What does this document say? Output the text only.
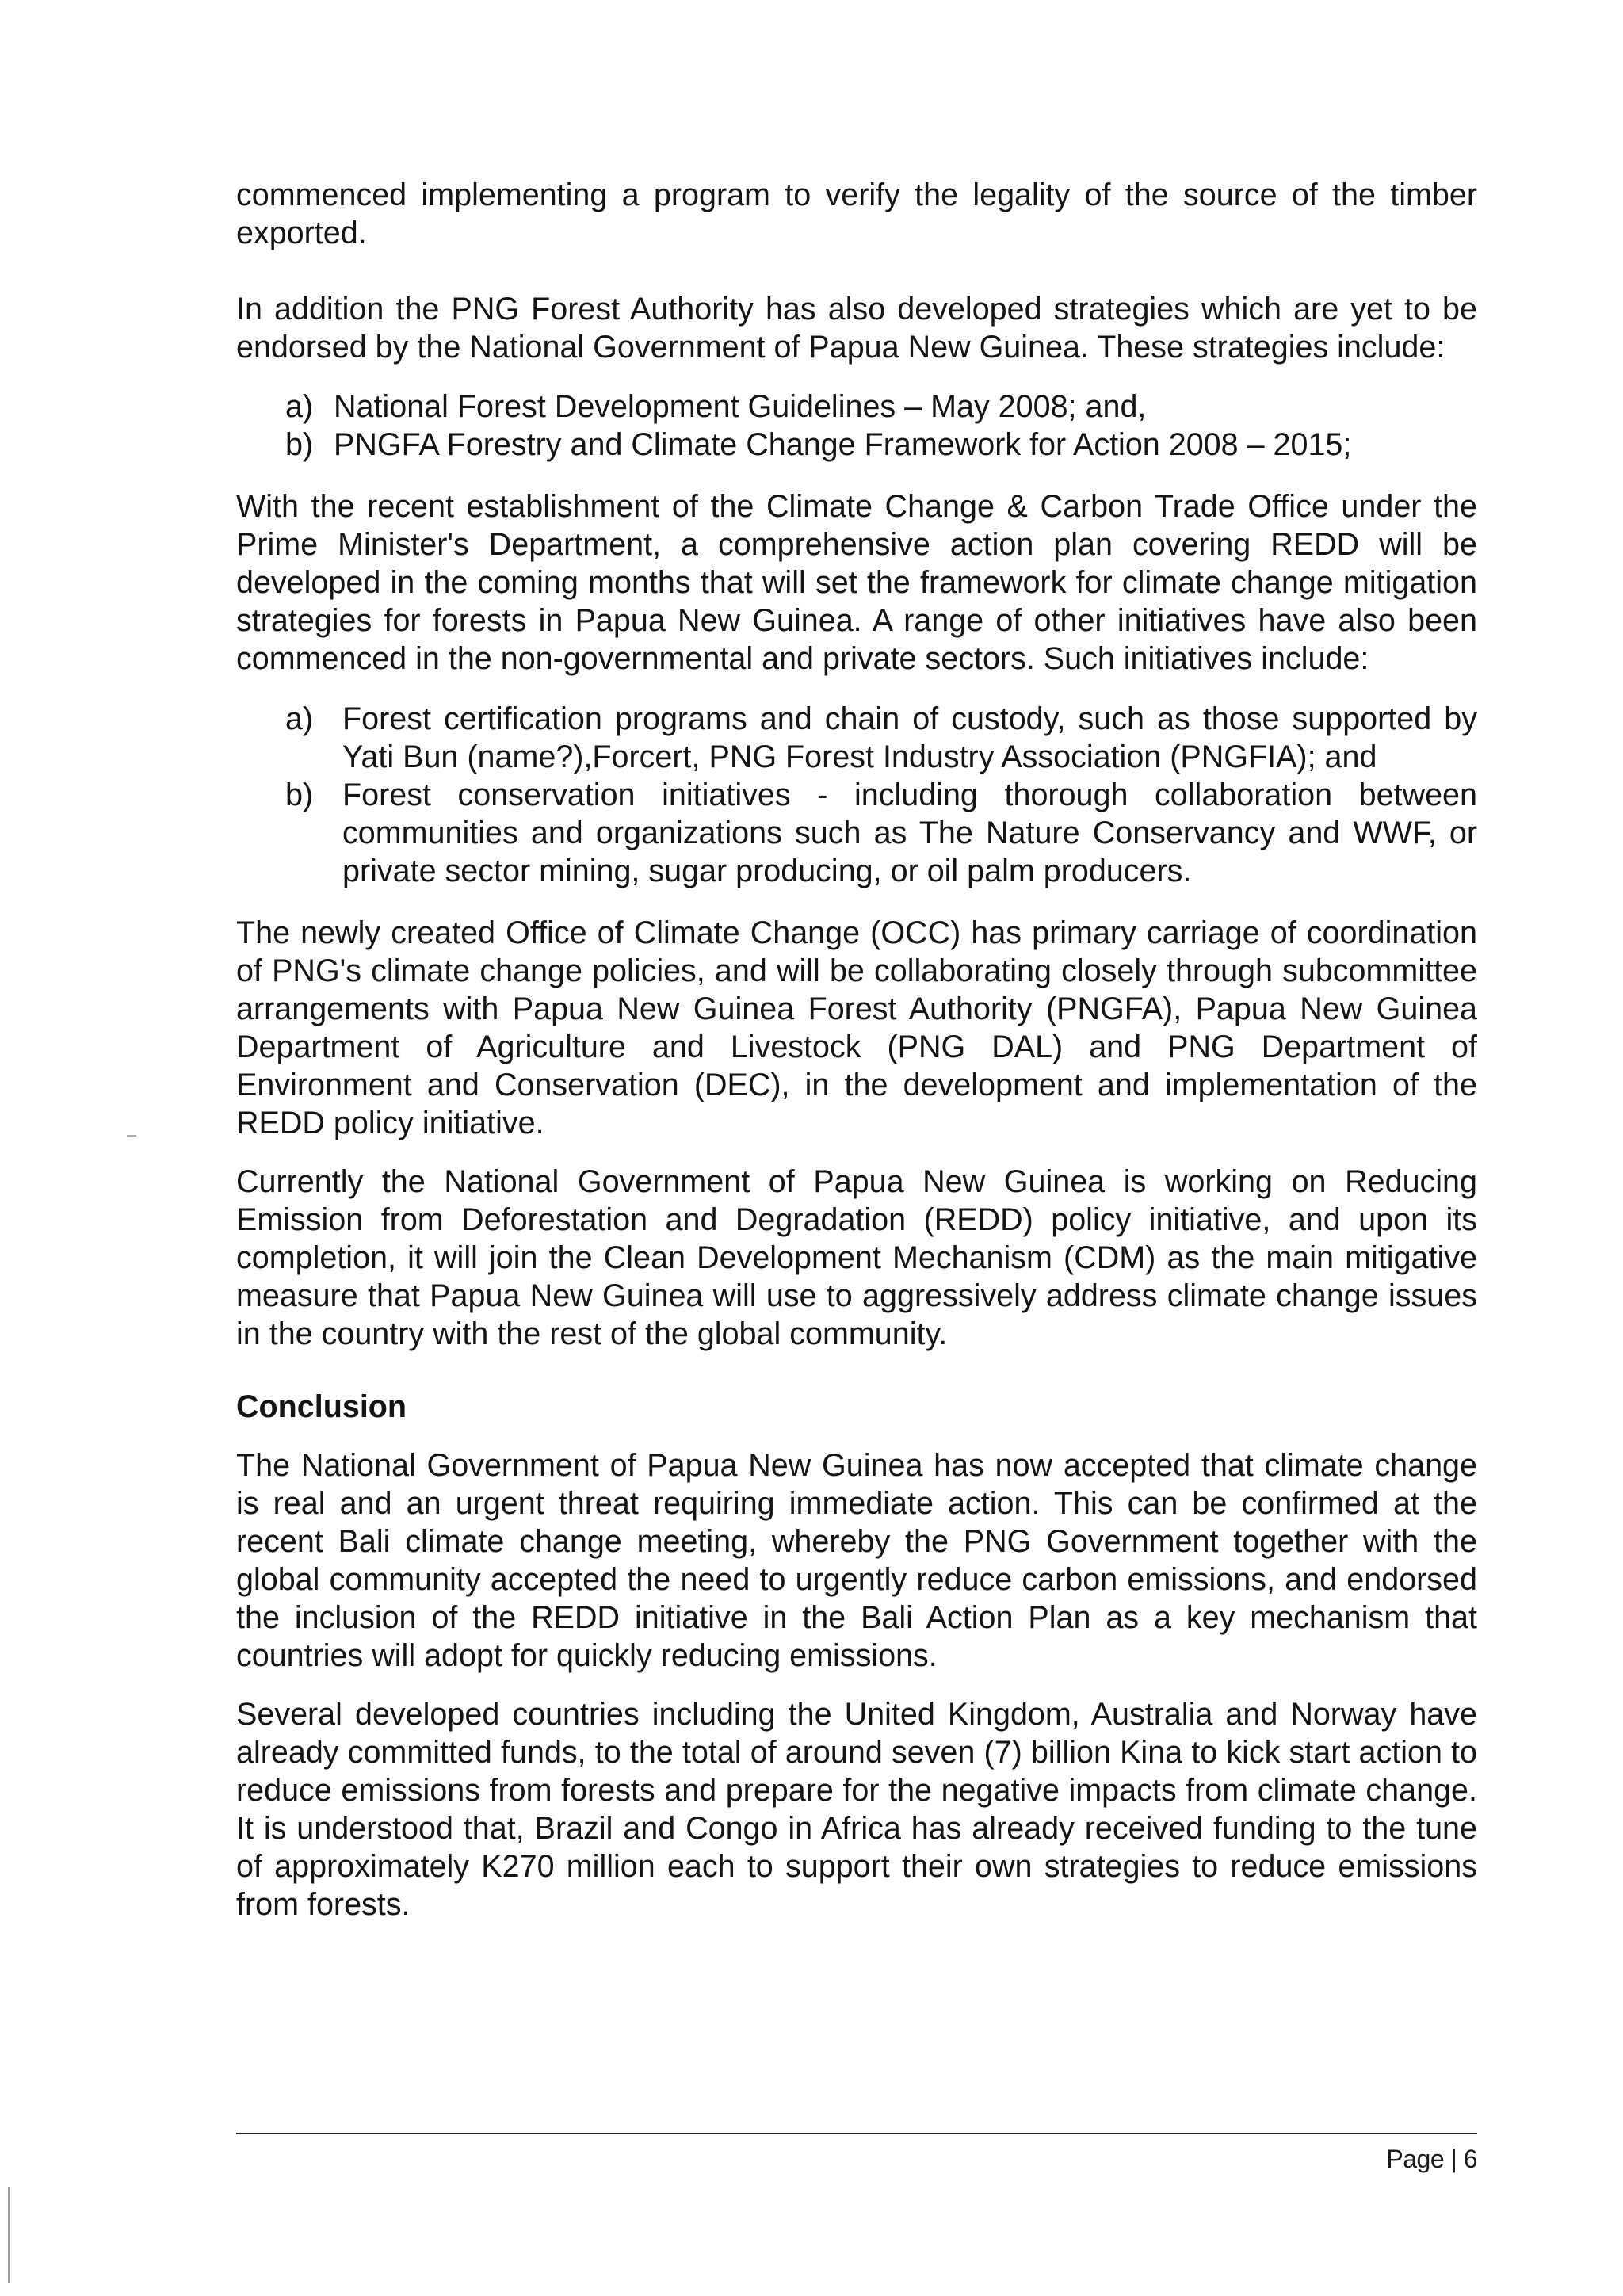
commenced implementing a program to verify the legality of the source of the timber exported.

In addition the PNG Forest Authority has also developed strategies which are yet to be endorsed by the National Government of Papua New Guinea. These strategies include:

a) National Forest Development Guidelines – May 2008; and,
b) PNGFA Forestry and Climate Change Framework for Action 2008 – 2015;

With the recent establishment of the Climate Change & Carbon Trade Office under the Prime Minister's Department, a comprehensive action plan covering REDD will be developed in the coming months that will set the framework for climate change mitigation strategies for forests in Papua New Guinea. A range of other initiatives have also been commenced in the non-governmental and private sectors. Such initiatives include:

a) Forest certification programs and chain of custody, such as those supported by Yati Bun (name?),Forcert, PNG Forest Industry Association (PNGFIA); and
b) Forest conservation initiatives - including thorough collaboration between communities and organizations such as The Nature Conservancy and WWF, or private sector mining, sugar producing, or oil palm producers.

The newly created Office of Climate Change (OCC) has primary carriage of coordination of PNG's climate change policies, and will be collaborating closely through subcommittee arrangements with Papua New Guinea Forest Authority (PNGFA), Papua New Guinea Department of Agriculture and Livestock (PNG DAL) and PNG Department of Environment and Conservation (DEC), in the development and implementation of the REDD policy initiative.

Currently the National Government of Papua New Guinea is working on Reducing Emission from Deforestation and Degradation (REDD) policy initiative, and upon its completion, it will join the Clean Development Mechanism (CDM) as the main mitigative measure that Papua New Guinea will use to aggressively address climate change issues in the country with the rest of the global community.

Conclusion

The National Government of Papua New Guinea has now accepted that climate change is real and an urgent threat requiring immediate action. This can be confirmed at the recent Bali climate change meeting, whereby the PNG Government together with the global community accepted the need to urgently reduce carbon emissions, and endorsed the inclusion of the REDD initiative in the Bali Action Plan as a key mechanism that countries will adopt for quickly reducing emissions.

Several developed countries including the United Kingdom, Australia and Norway have already committed funds, to the total of around seven (7) billion Kina to kick start action to reduce emissions from forests and prepare for the negative impacts from climate change. It is understood that, Brazil and Congo in Africa has already received funding to the tune of approximately K270 million each to support their own strategies to reduce emissions from forests.

Page | 6
